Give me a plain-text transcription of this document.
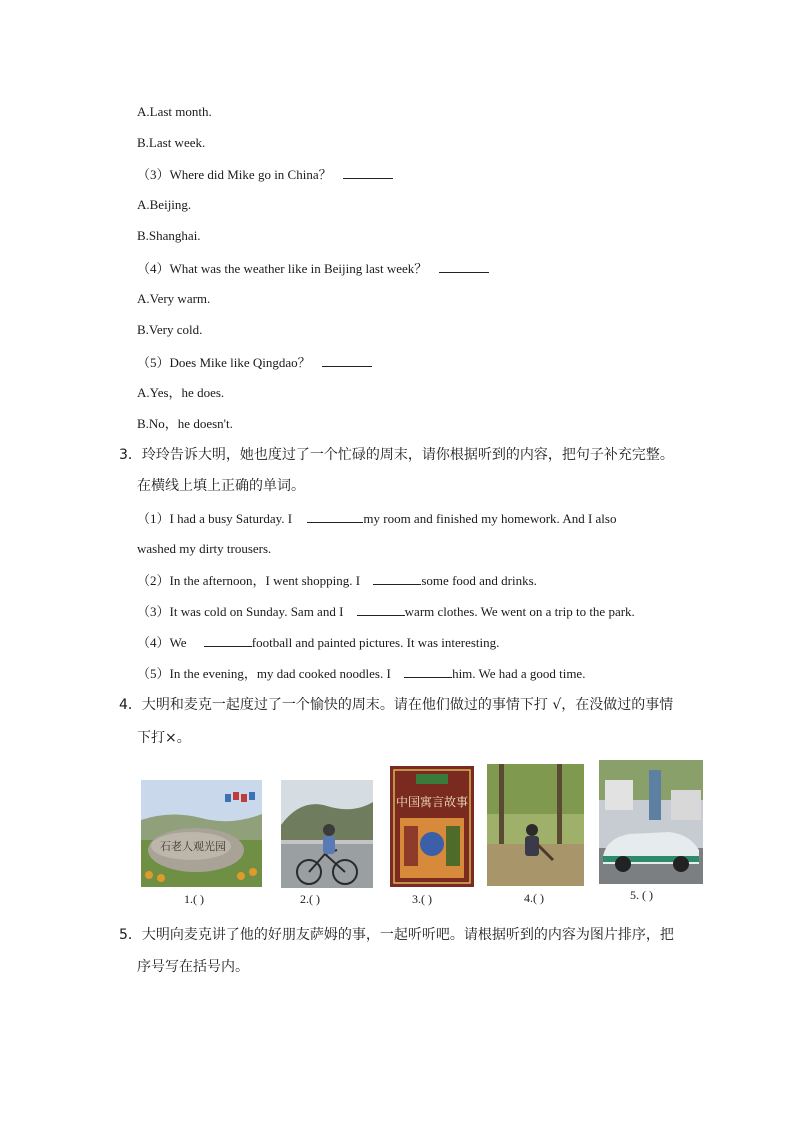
A.Last month.
B.Last week.
（3）Where did Mike go in China？
A.Beijing.
B.Shanghai.
（4）What was the weather like in Beijing last week？
A.Very warm.
B.Very cold.
（5）Does Mike like Qingdao？
A.Yes，he does.
B.No，he doesn't.
3．玲玲告诉大明，她也度过了一个忙碌的周末，请你根据听到的内容，把句子补充完整。
在横线上填上正确的单词。
（1）I had a busy Saturday. I	my room and finished my homework. And I also
washed my dirty trousers.
（2）In the afternoon，I went shopping. I	some food and drinks.
（3）It was cold on Sunday. Sam and I	warm clothes. We went on a trip to the park.
（4）We	football and painted pictures. It was interesting.
（5）In the evening，my dad cooked noodles. I	him. We had a good time.
4．大明和麦克一起度过了一个愉快的周末。请在他们做过的事情下打 √，在没做过的事情
下打×。
石老人观光园
1.( )	2.( )
中国寓言故事
3.( )	4.( )	5. ( )
5．大明向麦克讲了他的好朋友萨姆的事，一起听听吧。请根据听到的内容为图片排序，把
序号写在括号内。
